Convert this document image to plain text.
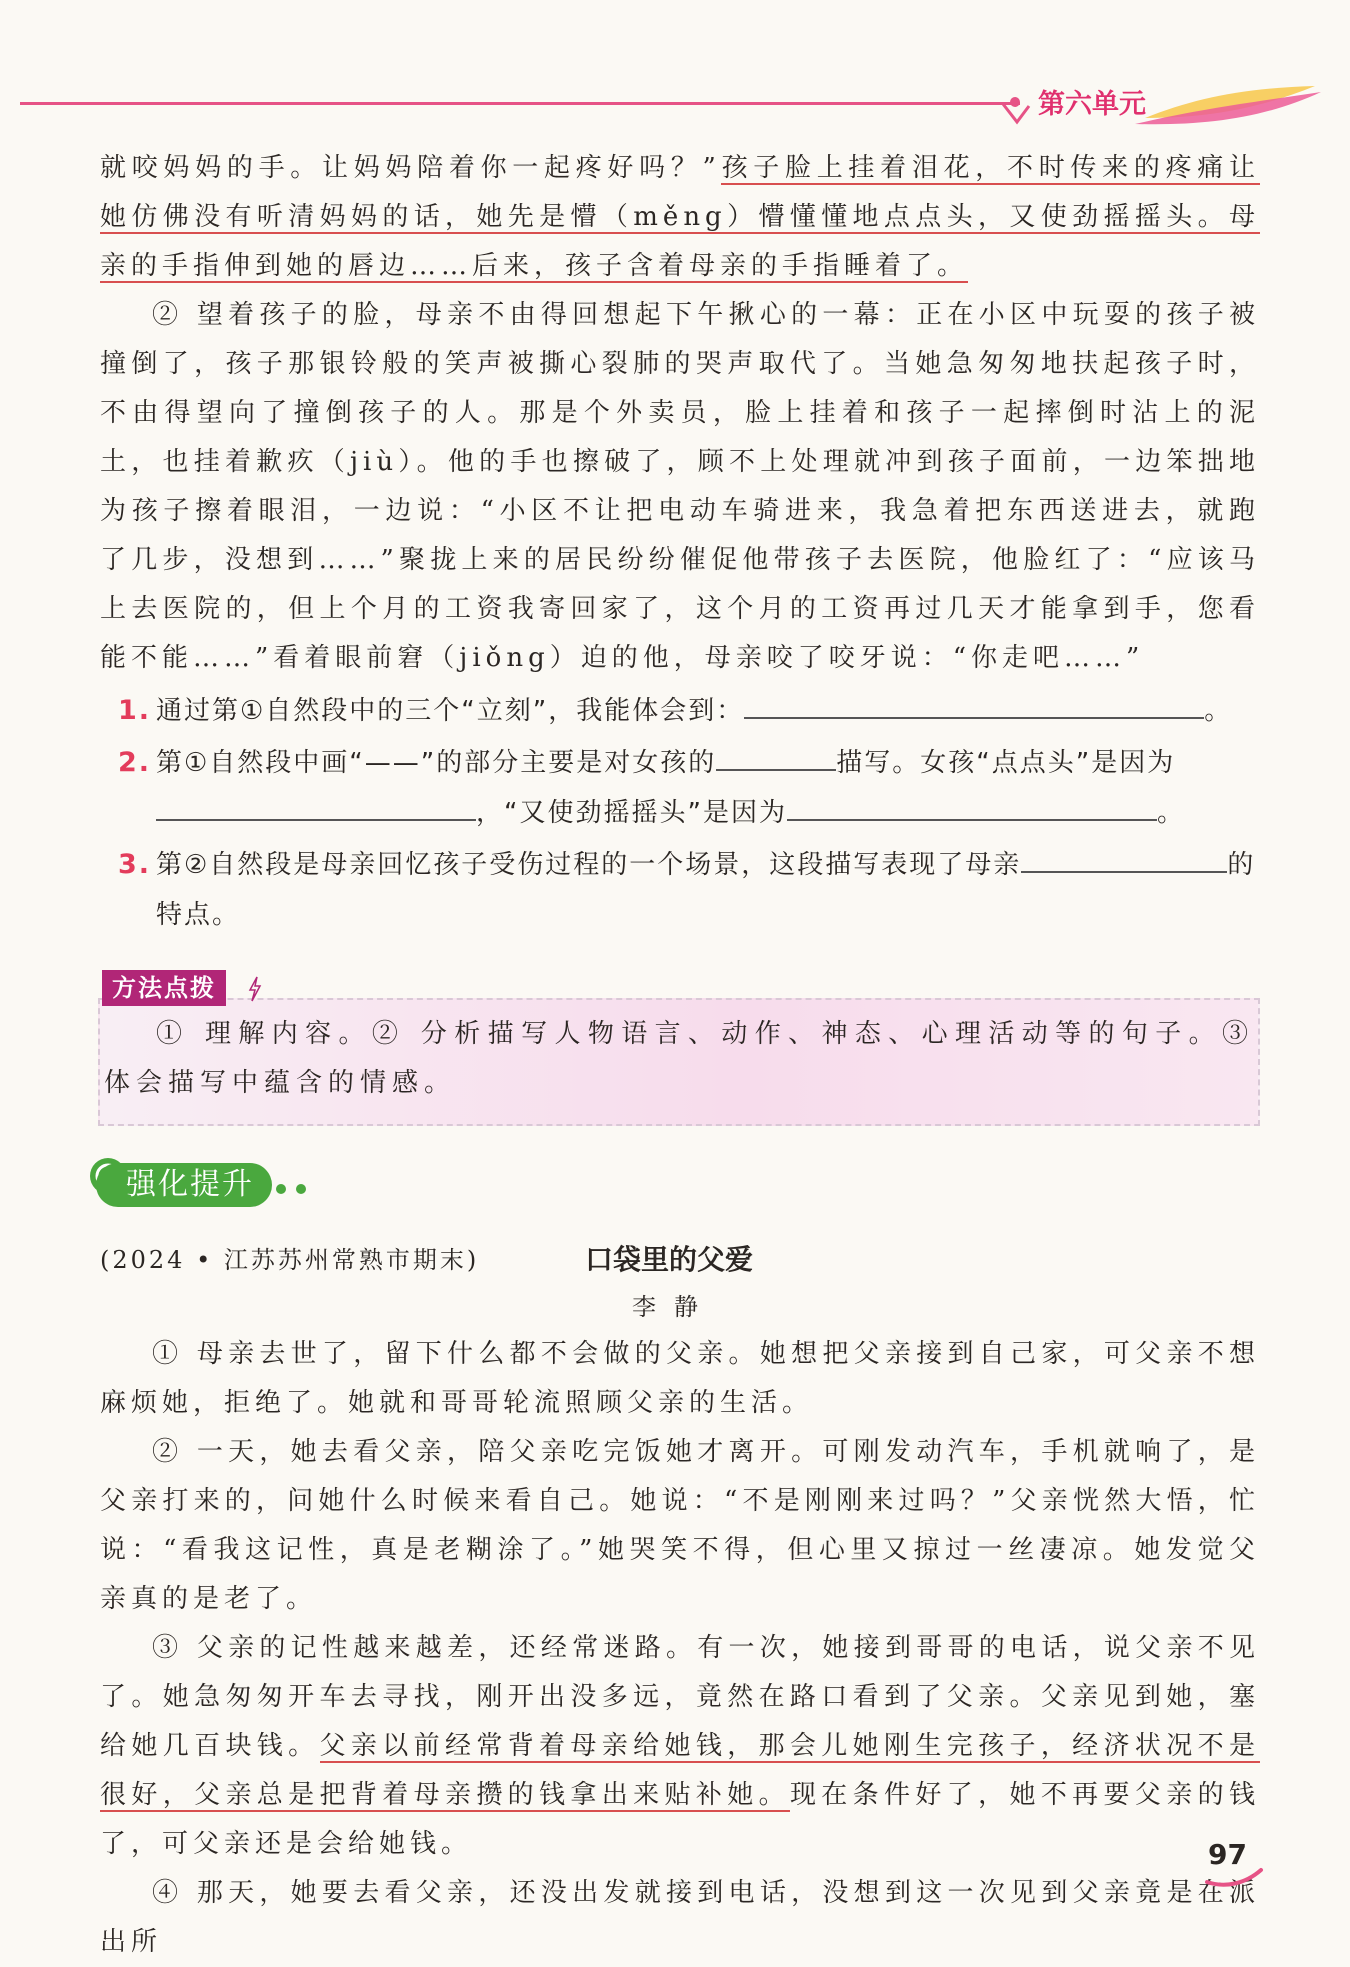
第六单元

就咬妈妈的手。让妈妈陪着你一起疼好吗？”孩子脸上挂着泪花，不时传来的疼痛让她仿佛没有听清妈妈的话，她先是懵（měng）懵懂懂地点点头，又使劲摇摇头。母亲的手指伸到她的唇边……后来，孩子含着母亲的手指睡着了。

② 望着孩子的脸，母亲不由得回想起下午揪心的一幕：正在小区中玩耍的孩子被撞倒了，孩子那银铃般的笑声被撕心裂肺的哭声取代了。当她急匆匆地扶起孩子时，不由得望向了撞倒孩子的人。那是个外卖员，脸上挂着和孩子一起摔倒时沾上的泥土，也挂着歉疚（jiù）。他的手也擦破了，顾不上处理就冲到孩子面前，一边笨拙地为孩子擦着眼泪，一边说：“小区不让把电动车骑进来，我急着把东西送进去，就跑了几步，没想到……”聚拢上来的居民纷纷催促他带孩子去医院，他脸红了：“应该马上去医院的，但上个月的工资我寄回家了，这个月的工资再过几天才能拿到手，您看能不能……”看着眼前窘（jiǒng）迫的他，母亲咬了咬牙说：“你走吧……”

1. 通过第①自然段中的三个“立刻”，我能体会到：	。
2. 第①自然段中画“——”的部分主要是对女孩的	描写。女孩“点点头”是因为，“又使劲摇摇头”是因为	。
3. 第②自然段是母亲回忆孩子受伤过程的一个场景，这段描写表现了母亲	的特点。
方法点拨

① 理解内容。② 分析描写人物语言、动作、神态、心理活动等的句子。③ 体会描写中蕴含的情感。

强化提升
(2024 • 江苏苏州常熟市期末)	口袋里的父爱
李静

① 母亲去世了，留下什么都不会做的父亲。她想把父亲接到自己家，可父亲不想麻烦她，拒绝了。她就和哥哥轮流照顾父亲的生活。

② 一天，她去看父亲，陪父亲吃完饭她才离开。可刚发动汽车，手机就响了，是父亲打来的，问她什么时候来看自己。她说：“不是刚刚来过吗？”父亲恍然大悟，忙说：“看我这记性，真是老糊涂了。”她哭笑不得，但心里又掠过一丝凄凉。她发觉父亲真的是老了。

③ 父亲的记性越来越差，还经常迷路。有一次，她接到哥哥的电话，说父亲不见了。她急匆匆开车去寻找，刚开出没多远，竟然在路口看到了父亲。父亲见到她，塞给她几百块钱。父亲以前经常背着母亲给她钱，那会儿她刚生完孩子，经济状况不是很好，父亲总是把背着母亲攒的钱拿出来贴补她。现在条件好了，她不再要父亲的钱了，可父亲还是会给她钱。

④ 那天，她要去看父亲，还没出发就接到电话，没想到这一次见到父亲竟是在派出所

97
